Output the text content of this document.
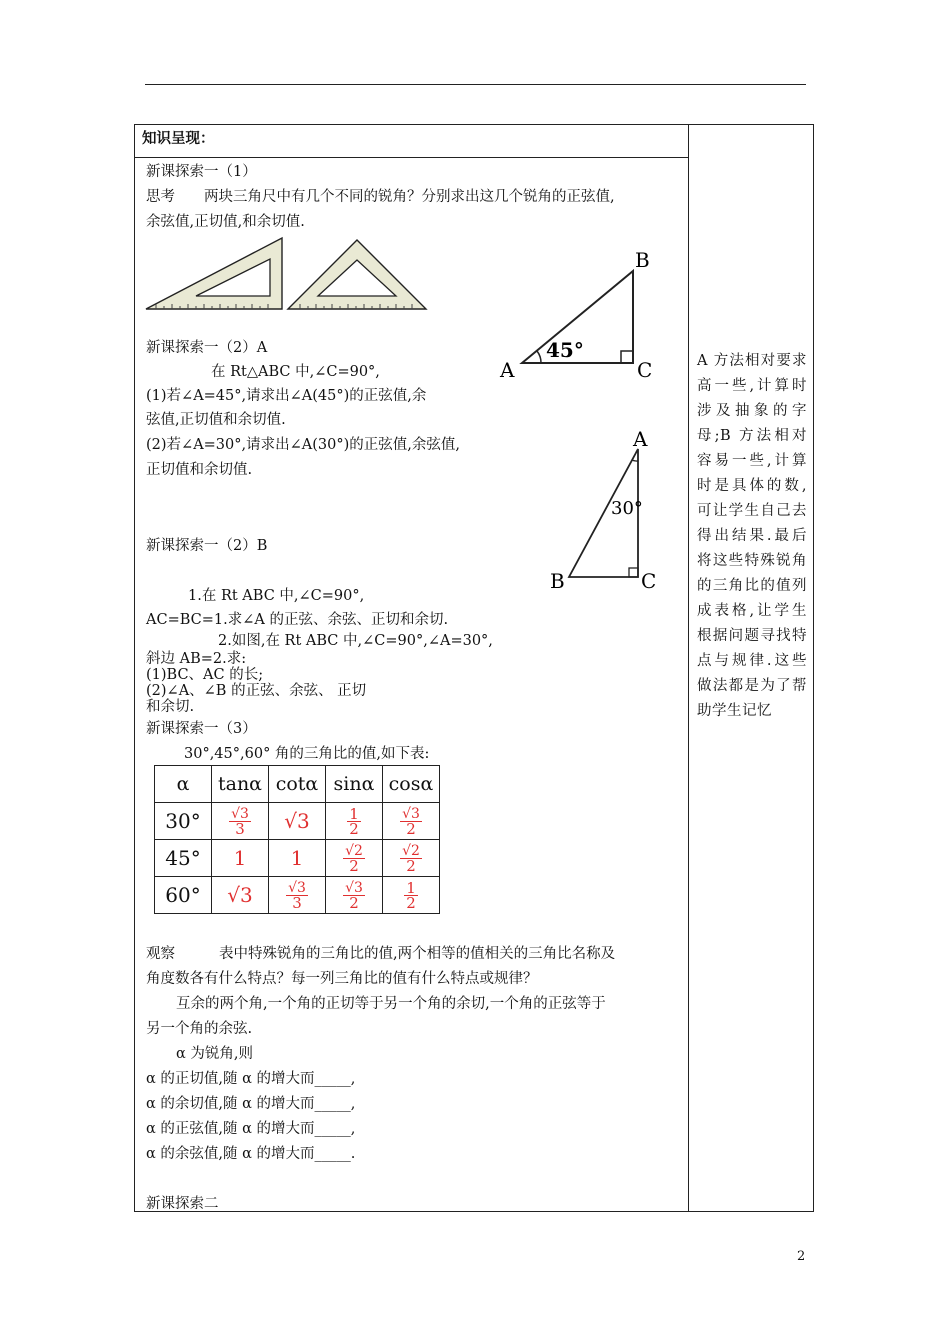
知识呈现：
新课探索一（1）
思考 两块三角尺中有几个不同的锐角？分别求出这几个锐角的正弦值,
余弦值,正切值,和余切值.
45°
A
B
C
新课探索一（2）A
在 Rt△ABC 中,∠C=90°,
(1)若∠A=45°,请求出∠A(45°)的正弦值,余
弦值,正切值和余切值.
(2)若∠A=30°,请求出∠A(30°)的正弦值,余弦值,
正切值和余切值.
30°
A
B	C
新课探索一（2）B
1.在 Rt ABC 中,∠C=90°,
AC=BC=1.求∠A 的正弦、余弦、正切和余切.
2.如图,在 Rt ABC 中,∠C=90°,∠A=30°,
斜边 AB=2.求:
(1)BC、AC 的长;
(2)∠A、∠B 的正弦、余弦、 正切
和余切.
新课探索一（3）
30°,45°,60° 角的三角比的值,如下表:
α	tanα	cotα	sinα	cosα
30°	$\frac{√3}{3}$	√3	$\frac{1}{2}$	$\frac{√3}{2}$

45°	1	1	$\frac{√2}{2}$	$\frac{√2}{2}$

60°	√3	$\frac{√3}{3}$	$\frac{√3}{2}$	$\frac{1}{2}$
观察	表中特殊锐角的三角比的值,两个相等的值相关的三角比名称及
角度数各有什么特点？每一列三角比的值有什么特点或规律？
互余的两个角,一个角的正切等于另一个角的余切,一个角的正弦等于
另一个角的余弦.
α 为锐角,则
α 的正切值,随 α 的增大而_____,
α 的余切值,随 α 的增大而_____,
α 的正弦值,随 α 的增大而_____,
α 的余弦值,随 α 的增大而_____.
新课探索二
A 方法相对要求高一些,计算时涉及抽象的字母;B 方法相对容易一些,计算时是具体的数,可让学生自己去得出结果.最后将这些特殊锐角的三角比的值列成表格,让学生根据问题寻找特点与规律.这些做法都是为了帮助学生记忆
2
